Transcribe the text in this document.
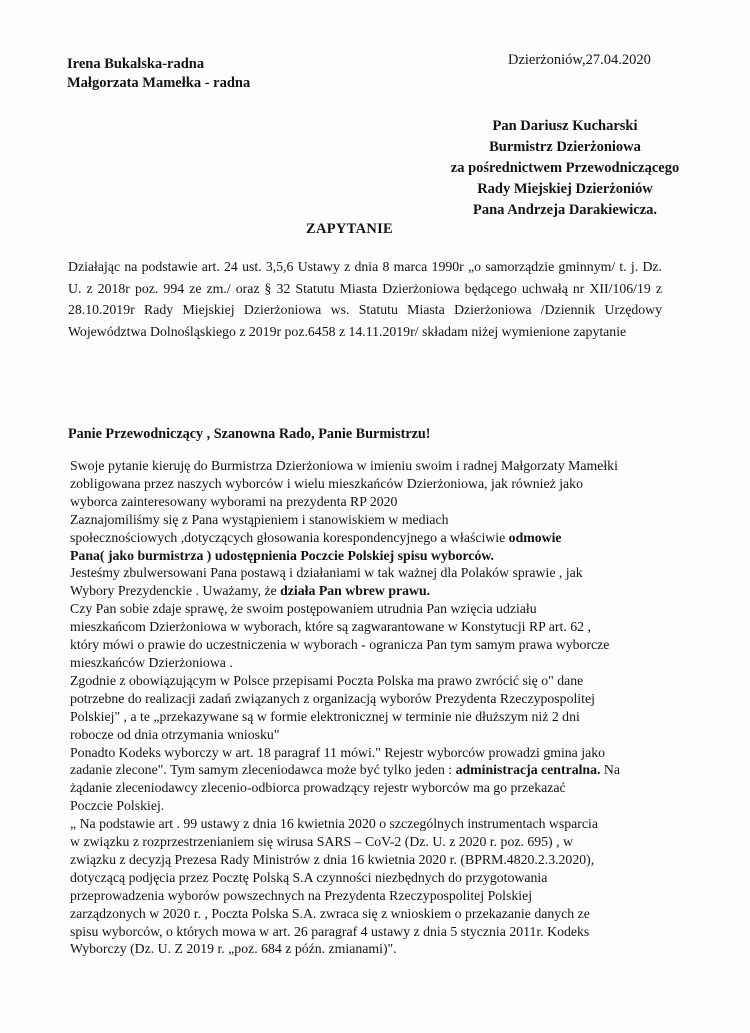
Irena Bukalska-radna
Małgorzata Mamełka - radna
Dzierżoniów,27.04.2020
Pan Dariusz Kucharski
Burmistrz Dzierżoniowa
za pośrednictwem Przewodniczącego
Rady Miejskiej Dzierżoniów
Pana Andrzeja Darakiewicza.
ZAPYTANIE
Działając na podstawie art. 24 ust. 3,5,6 Ustawy z dnia 8 marca 1990r „o samorządzie gminnym/ t. j. Dz. U. z 2018r poz. 994 ze zm./ oraz § 32 Statutu Miasta Dzierżoniowa będącego uchwałą nr XII/106/19 z 28.10.2019r Rady Miejskiej Dzierżoniowa ws. Statutu Miasta Dzierżoniowa /Dziennik Urzędowy Województwa Dolnośląskiego z 2019r poz.6458 z 14.11.2019r/ składam niżej wymienione zapytanie
Panie Przewodniczący , Szanowna Rado, Panie Burmistrzu!
Swoje pytanie kieruję do Burmistrza Dzierżoniowa w imieniu swoim i radnej Małgorzaty Mamełki
zobligowana przez naszych wyborców i wielu mieszkańców Dzierżoniowa, jak również jako
wyborca zainteresowany wyborami na prezydenta RP 2020
Zaznajomiliśmy się z Pana wystąpieniem i stanowiskiem w mediach
społecznościowych ,dotyczących głosowania korespondencyjnego a właściwie odmowie
Pana( jako burmistrza ) udostępnienia Poczcie Polskiej spisu wyborców.
Jesteśmy zbulwersowani Pana postawą i działaniami w tak ważnej dla Polaków sprawie , jak
Wybory Prezydenckie . Uważamy, że działa Pan wbrew prawu.
Czy Pan sobie zdaje sprawę, że swoim postępowaniem utrudnia Pan wzięcia udziału
mieszkańcom Dzierżoniowa w wyborach, które są zagwarantowane w Konstytucji RP art. 62 ,
który mówi o prawie do uczestniczenia w wyborach - ogranicza Pan tym samym prawa wyborcze
mieszkańców Dzierżoniowa .
Zgodnie z obowiązującym w Polsce przepisami Poczta Polska ma prawo zwrócić się o" dane
potrzebne do realizacji zadań związanych z organizacją wyborów Prezydenta Rzeczypospolitej
Polskiej" , a te „przekazywane są w formie elektronicznej w terminie nie dłuższym niż 2 dni
robocze od dnia otrzymania wniosku"
Ponadto Kodeks wyborczy w art. 18 paragraf 11 mówi." Rejestr wyborców prowadzi gmina jako
zadanie zlecone". Tym samym zleceniodawca może być tylko jeden : administracja centralna. Na
żądanie zleceniodawcy zlecenio-odbiorca prowadzący rejestr wyborców ma go przekazać
Poczcie Polskiej.
„ Na podstawie art . 99 ustawy z dnia 16 kwietnia 2020 o szczególnych instrumentach wsparcia
w związku z rozprzestrzenianiem się wirusa SARS – CoV-2 (Dz. U. z 2020 r. poz. 695) , w
związku z decyzją Prezesa Rady Ministrów z dnia 16 kwietnia 2020 r. (BPRM.4820.2.3.2020),
dotyczącą podjęcia przez Pocztę Polską S.A czynności niezbędnych do przygotowania
przeprowadzenia wyborów powszechnych na Prezydenta Rzeczypospolitej Polskiej
zarządzonych w 2020 r. , Poczta Polska S.A. zwraca się z wnioskiem o przekazanie danych ze
spisu wyborców, o których mowa w art. 26 paragraf 4 ustawy z dnia 5 stycznia 2011r. Kodeks
Wyborczy (Dz. U. Z 2019 r. „poz. 684 z późn. zmianami)".
